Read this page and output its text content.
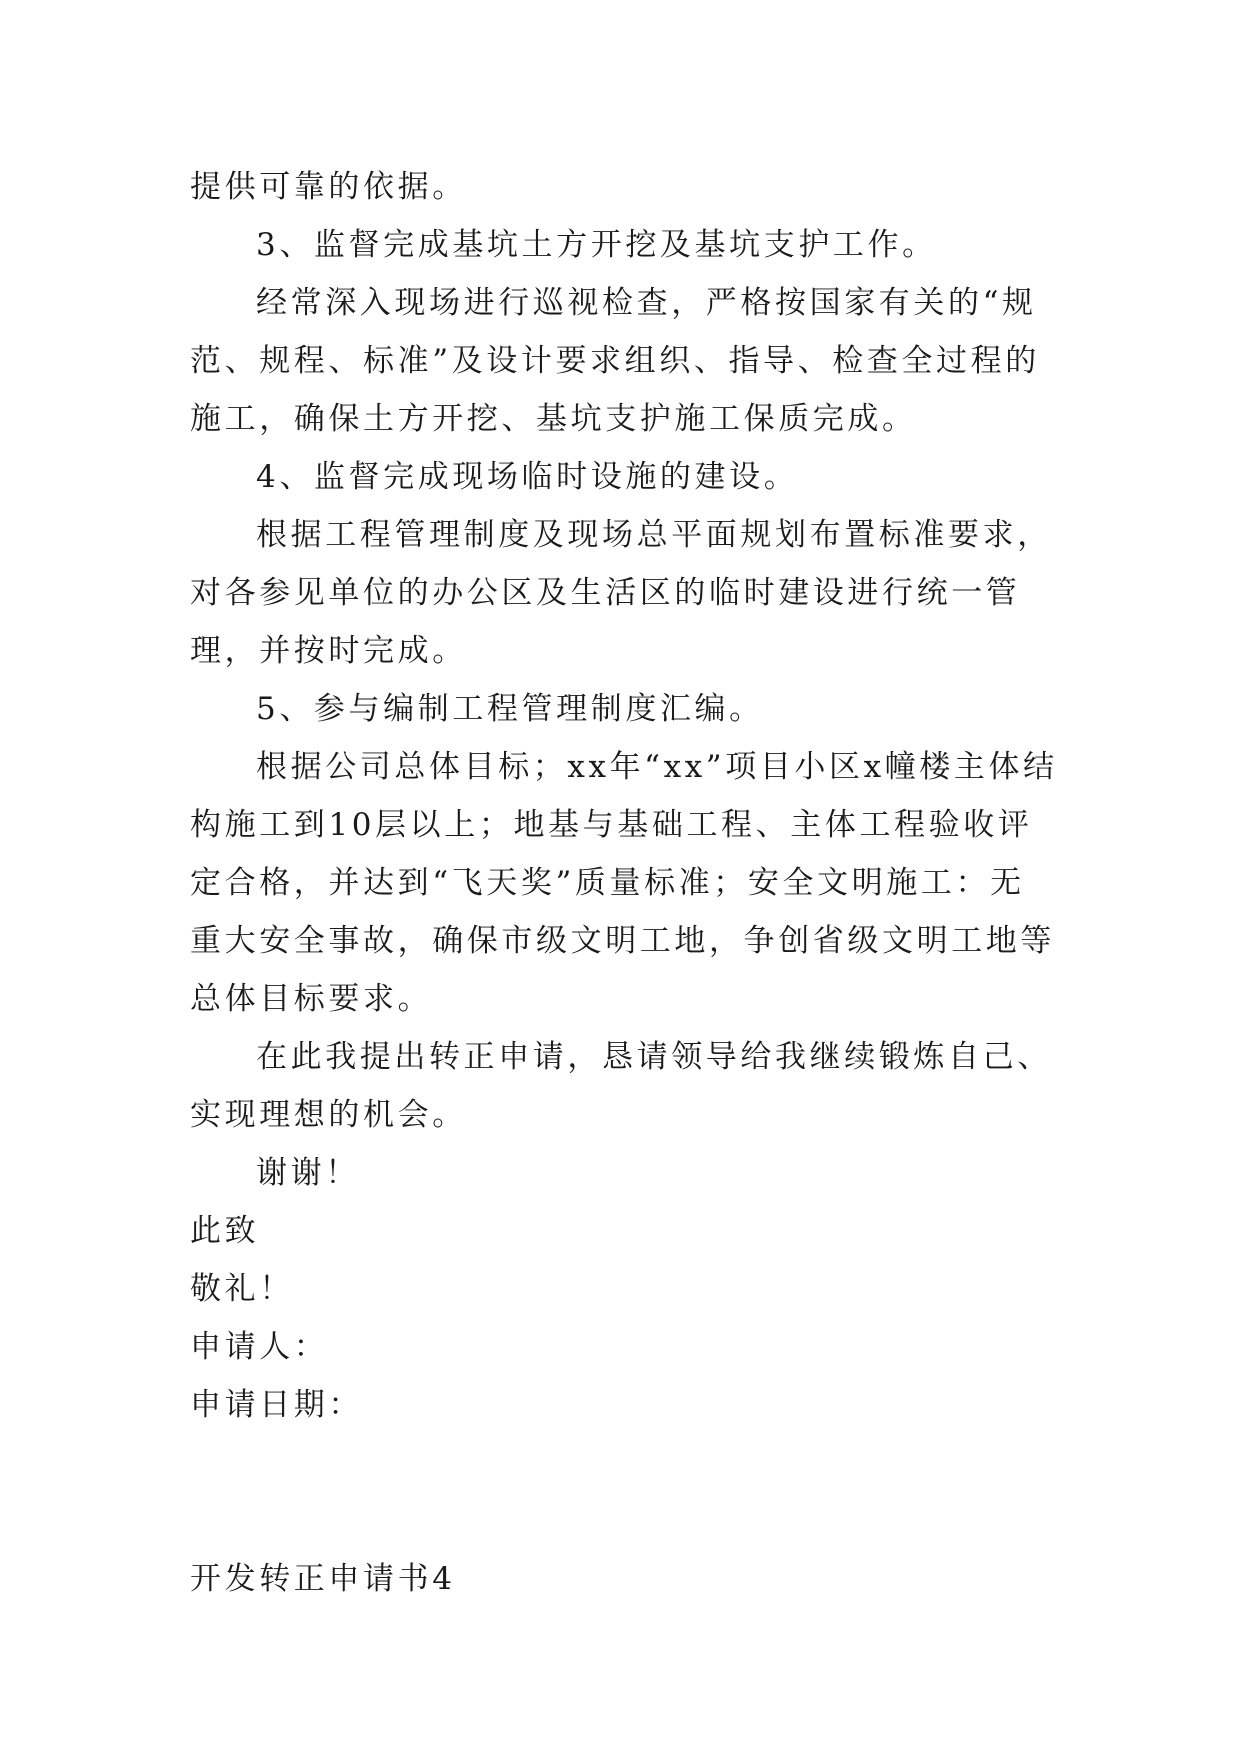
提供可靠的依据。

3、监督完成基坑土方开挖及基坑支护工作。

经常深入现场进行巡视检查，严格按国家有关的“规范、规程、标准”及设计要求组织、指导、检查全过程的施工，确保土方开挖、基坑支护施工保质完成。

4、监督完成现场临时设施的建设。

根据工程管理制度及现场总平面规划布置标准要求，对各参见单位的办公区及生活区的临时建设进行统一管理，并按时完成。

5、参与编制工程管理制度汇编。

根据公司总体目标；xx年“xx”项目小区x幢楼主体结构施工到10层以上；地基与基础工程、主体工程验收评定合格，并达到“飞天奖”质量标准；安全文明施工：无重大安全事故，确保市级文明工地，争创省级文明工地等总体目标要求。

在此我提出转正申请，恳请领导给我继续锻炼自己、实现理想的机会。

谢谢！

此致

敬礼！

申请人：

申请日期：

开发转正申请书4
